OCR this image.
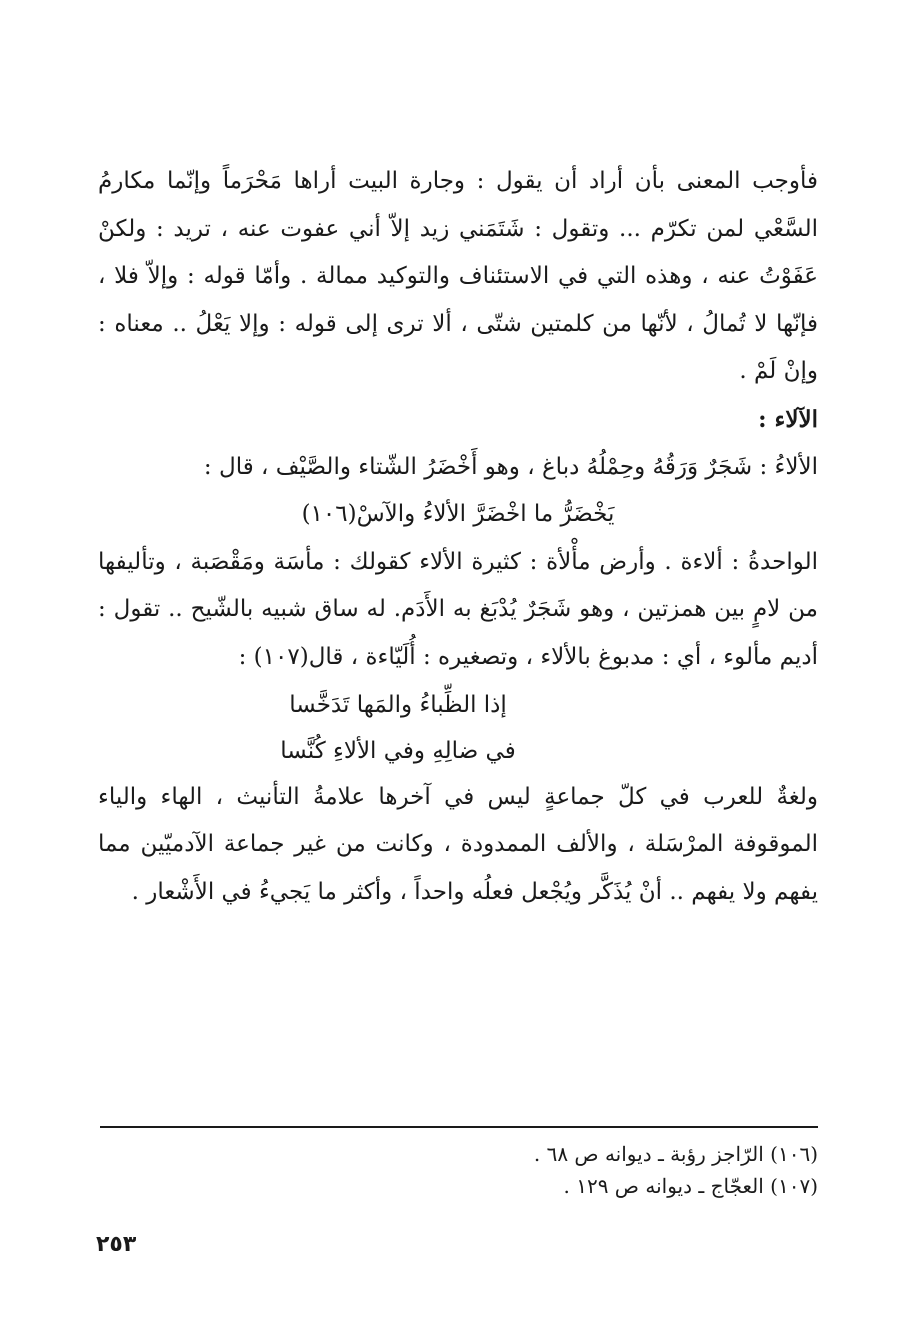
فأوجب المعنى بأن أراد أن يقول : وجارة البيت أراها مَحْرَماً وإنّما مكارمُ السَّعْي لمن تكرّم ... وتقول : شَتَمَني زيد إلاّ أني عفوت عنه ، تريد : ولكنْ عَفَوْتُ عنه ، وهذه التي في الاستئناف والتوكيد ممالة . وأمّا قوله : وإلاّ فلا ، فإنّها لا تُمالُ ، لأنّها من كلمتين شتّى ، ألا ترى إلى قوله : وإلا يَعْلُ .. معناه : وإنْ لَمْ .

الآلاء :

الألاءُ : شَجَرٌ وَرَقُهُ وحِمْلُهُ دباغ ، وهو أَخْضَرُ الشّتاء والصَّيْف ، قال :

يَخْضَرُّ ما اخْضَرَّ الألاءُ والآسْ(١٠٦)

الواحدةُ : ألاءة . وأرض مأْلأة : كثيرة الألاء كقولك : مأسَة ومَقْصَبة ، وتأليفها من لامٍ بين همزتين ، وهو شَجَرٌ يُدْبَغ به الأَدَم. له ساق شبيه بالشّيح .. تقول : أديم مألوء ، أي : مدبوغ بالألاء ، وتصغيره : أُلَيّاءة ، قال(١٠٧) :

إذا الظِّباءُ والمَها تَدَخَّسا

في ضالِهِ وفي الألاءِ كُنَّسا

ولغةٌ للعرب في كلّ جماعةٍ ليس في آخرها علامةُ التأنيث ، الهاء والياء الموقوفة المرْسَلة ، والألف الممدودة ، وكانت من غير جماعة الآدميّين مما يفهم ولا يفهم .. أنْ يُذَكَّر ويُجْعل فعلُه واحداً ، وأكثر ما يَجيءُ في الأَشْعار .

(١٠٦) الرّاجز رؤبة ـ ديوانه ص ٦٨ .

(١٠٧) العجّاج ـ ديوانه ص ١٢٩ .

٢٥٣
